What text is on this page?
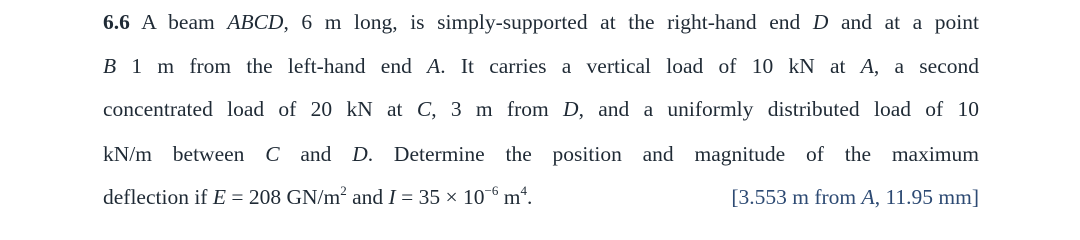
6.6 A beam ABCD, 6 m long, is simply-supported at the right-hand end D and at a point
B 1 m from the left-hand end A. It carries a vertical load of 10 kN at A, a second
concentrated load of 20 kN at C, 3 m from D, and a uniformly distributed load of 10
kN/m between C and D. Determine the position and magnitude of the maximum
deflection if E = 208 $GN/m^2$ and $I = 35 \times 10^{-6}$ $m^4$.	[3.553 m from A, 11.95 mm]
